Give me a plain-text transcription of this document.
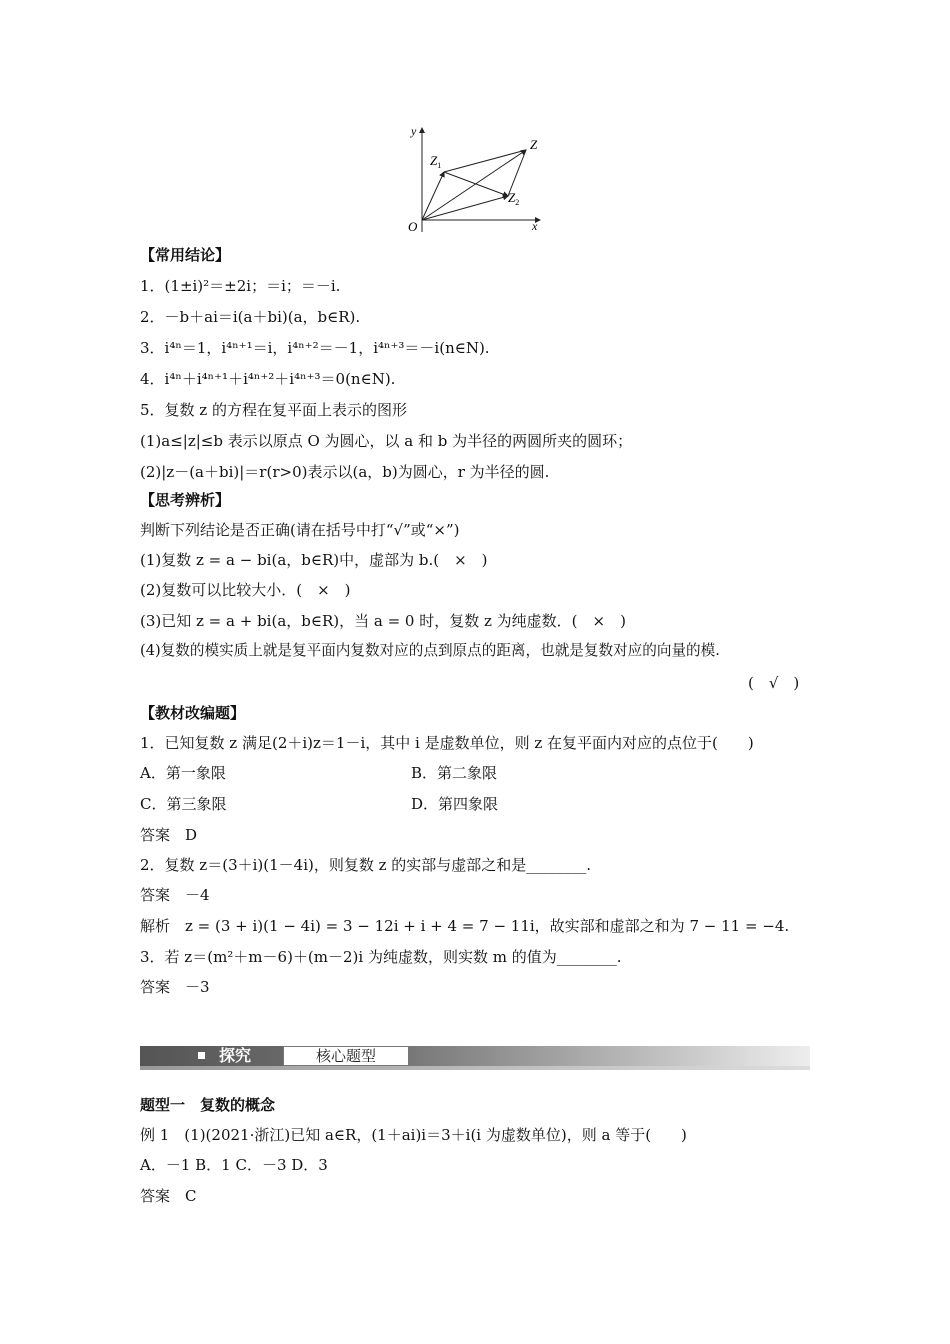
y
x
O
Z
$Z_1$
$Z_2$
【常用结论】
1．(1±i)²＝±2i；＝i；＝－i.
2．－b＋ai＝i(a＋bi)(a，b∈R).
3．i⁴ⁿ＝1，i⁴ⁿ⁺¹＝i，i⁴ⁿ⁺²＝－1，i⁴ⁿ⁺³＝－i(n∈N).
4．i⁴ⁿ＋i⁴ⁿ⁺¹＋i⁴ⁿ⁺²＋i⁴ⁿ⁺³＝0(n∈N).
5．复数 z 的方程在复平面上表示的图形
(1)a≤|z|≤b 表示以原点 O 为圆心，以 a 和 b 为半径的两圆所夹的圆环；
(2)|z－(a＋bi)|＝r(r>0)表示以(a，b)为圆心，r 为半径的圆.
【思考辨析】
判断下列结论是否正确(请在括号中打“√”或“×”)
(1)复数 z = a − bi(a，b∈R)中，虚部为 b.(　×　)
(2)复数可以比较大小．(　×　)
(3)已知 z = a + bi(a，b∈R)，当 a = 0 时，复数 z 为纯虚数．(　×　)
(4)复数的模实质上就是复平面内复数对应的点到原点的距离，也就是复数对应的向量的模.
(　√　)
【教材改编题】
1．已知复数 z 满足(2＋i)z＝1－i，其中 i 是虚数单位，则 z 在复平面内对应的点位于(　　)
A．第一象限	B．第二象限
C．第三象限	D．第四象限
答案　D
2．复数 z＝(3＋i)(1－4i)，则复数 z 的实部与虚部之和是________.
答案　－4
解析　z = (3 + i)(1 − 4i) = 3 − 12i + i + 4 = 7 − 11i，故实部和虚部之和为 7 − 11 = −4.
3．若 z＝(m²＋m－6)＋(m－2)i 为纯虚数，则实数 m 的值为________.
答案　－3
探究	核心题型
题型一　复数的概念
例 1　(1)(2021·浙江)已知 a∈R，(1＋ai)i＝3＋i(i 为虚数单位)，则 a 等于(　　)
A．－1 B．1 C．－3 D．3
答案　C
